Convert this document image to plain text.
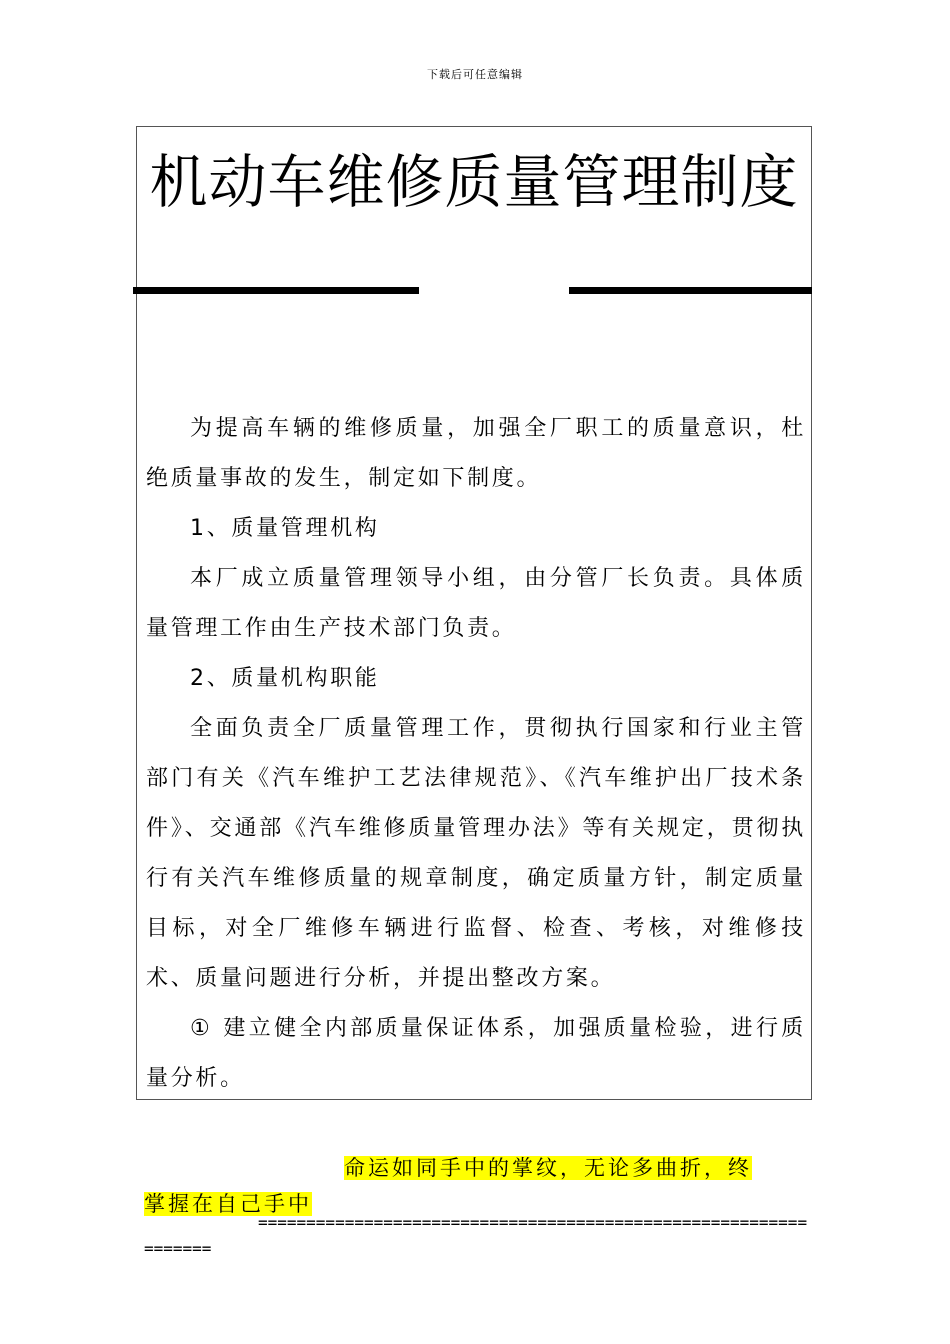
下载后可任意编辑
机动车维修质量管理制度

为提高车辆的维修质量，加强全厂职工的质量意识，杜绝质量事故的发生，制定如下制度。

1、质量管理机构

本厂成立质量管理领导小组，由分管厂长负责。具体质量管理工作由生产技术部门负责。

2、质量机构职能

全面负责全厂质量管理工作，贯彻执行国家和行业主管部门有关《汽车维护工艺法律规范》、《汽车维护出厂技术条件》、交通部《汽车维修质量管理办法》等有关规定，贯彻执行有关汽车维修质量的规章制度，确定质量方针，制定质量目标，对全厂维修车辆进行监督、检查、考核，对维修技术、质量问题进行分析，并提出整改方案。

① 建立健全内部质量保证体系，加强质量检验，进行质量分析。

命运如同手中的掌纹，无论多曲折，终
掌握在自己手中
================================================================
